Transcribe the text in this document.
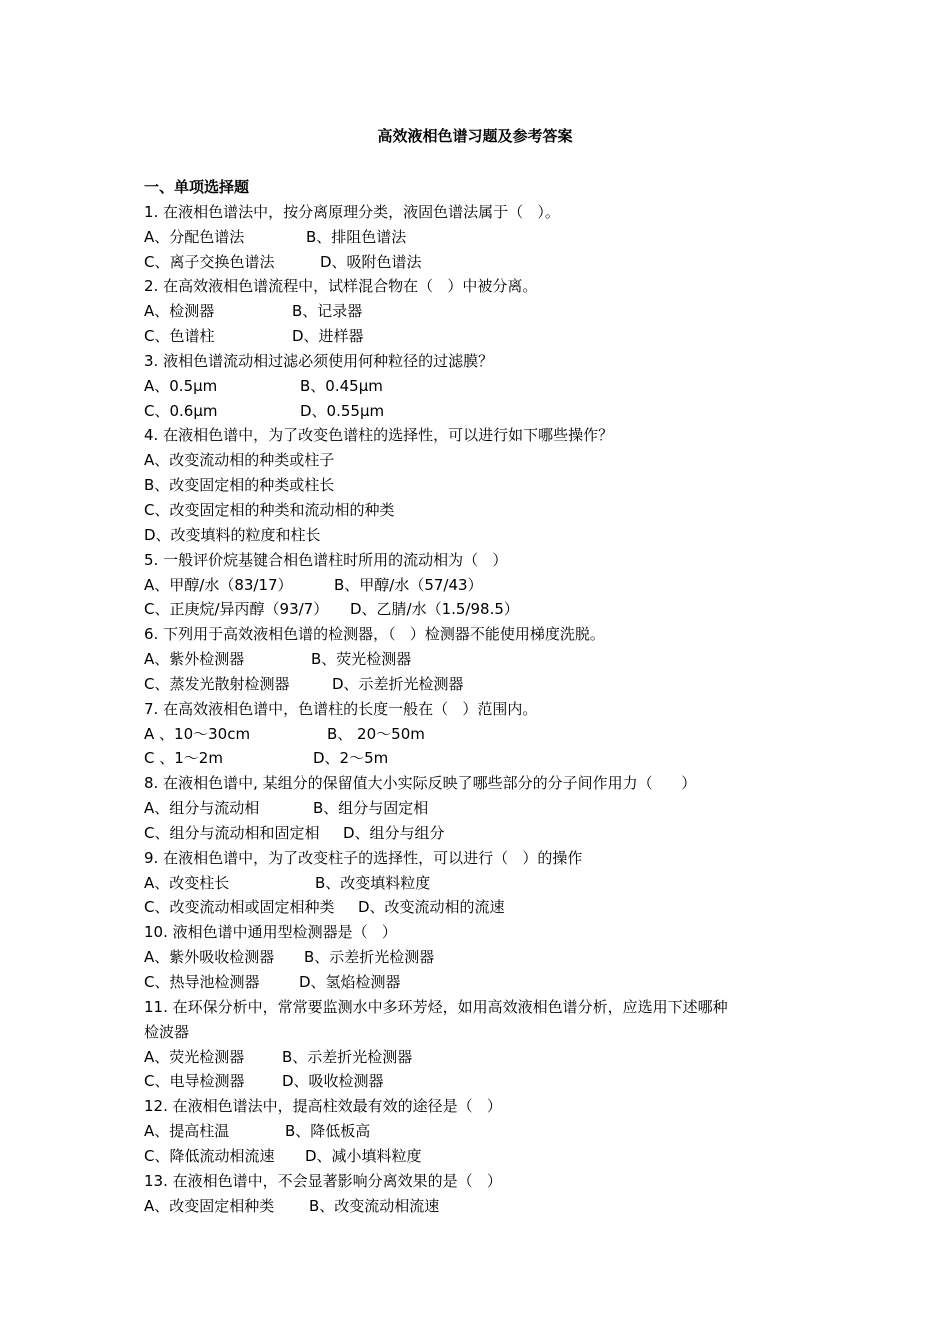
高效液相色谱习题及参考答案
一、单项选择题
1. 在液相色谱法中，按分离原理分类，液固色谱法属于（   ）。
A、分配色谱法	B、排阻色谱法
C、离子交换色谱法	D、吸附色谱法
2. 在高效液相色谱流程中，试样混合物在（   ）中被分离。
A、检测器	B、记录器
C、色谱柱	D、进样器
3. 液相色谱流动相过滤必须使用何种粒径的过滤膜？
A、0.5μm	B、0.45μm
C、0.6μm	D、0.55μm
4. 在液相色谱中，为了改变色谱柱的选择性，可以进行如下哪些操作？
A、改变流动相的种类或柱子
B、改变固定相的种类或柱长
C、改变固定相的种类和流动相的种类
D、改变填料的粒度和柱长
5. 一般评价烷基键合相色谱柱时所用的流动相为（   ）
A、甲醇/水（83/17）	B、甲醇/水（57/43）
C、正庚烷/异丙醇（93/7）	D、乙腈/水（1.5/98.5）
6. 下列用于高效液相色谱的检测器，（   ）检测器不能使用梯度洗脱。
A、紫外检测器	B、荧光检测器
C、蒸发光散射检测器	D、示差折光检测器
7. 在高效液相色谱中，色谱柱的长度一般在（   ）范围内。
A 、10～30cm	B、 20～50m
C 、1～2m	D、2～5m
8. 在液相色谱中, 某组分的保留值大小实际反映了哪些部分的分子间作用力（      ）
A、组分与流动相	B、组分与固定相
C、组分与流动相和固定相	D、组分与组分
9. 在液相色谱中，为了改变柱子的选择性，可以进行（   ）的操作
A、改变柱长	B、改变填料粒度
C、改变流动相或固定相种类	D、改变流动相的流速
10. 液相色谱中通用型检测器是（   ）
A、紫外吸收检测器	B、示差折光检测器
C、热导池检测器	D、氢焰检测器
11. 在环保分析中，常常要监测水中多环芳烃，如用高效液相色谱分析，应选用下述哪种
检波器
A、荧光检测器	B、示差折光检测器
C、电导检测器	D、吸收检测器
12. 在液相色谱法中，提高柱效最有效的途径是（   ）
A、提高柱温	B、降低板高
C、降低流动相流速	D、减小填料粒度
13. 在液相色谱中，不会显著影响分离效果的是（   ）
A、改变固定相种类	B、改变流动相流速
